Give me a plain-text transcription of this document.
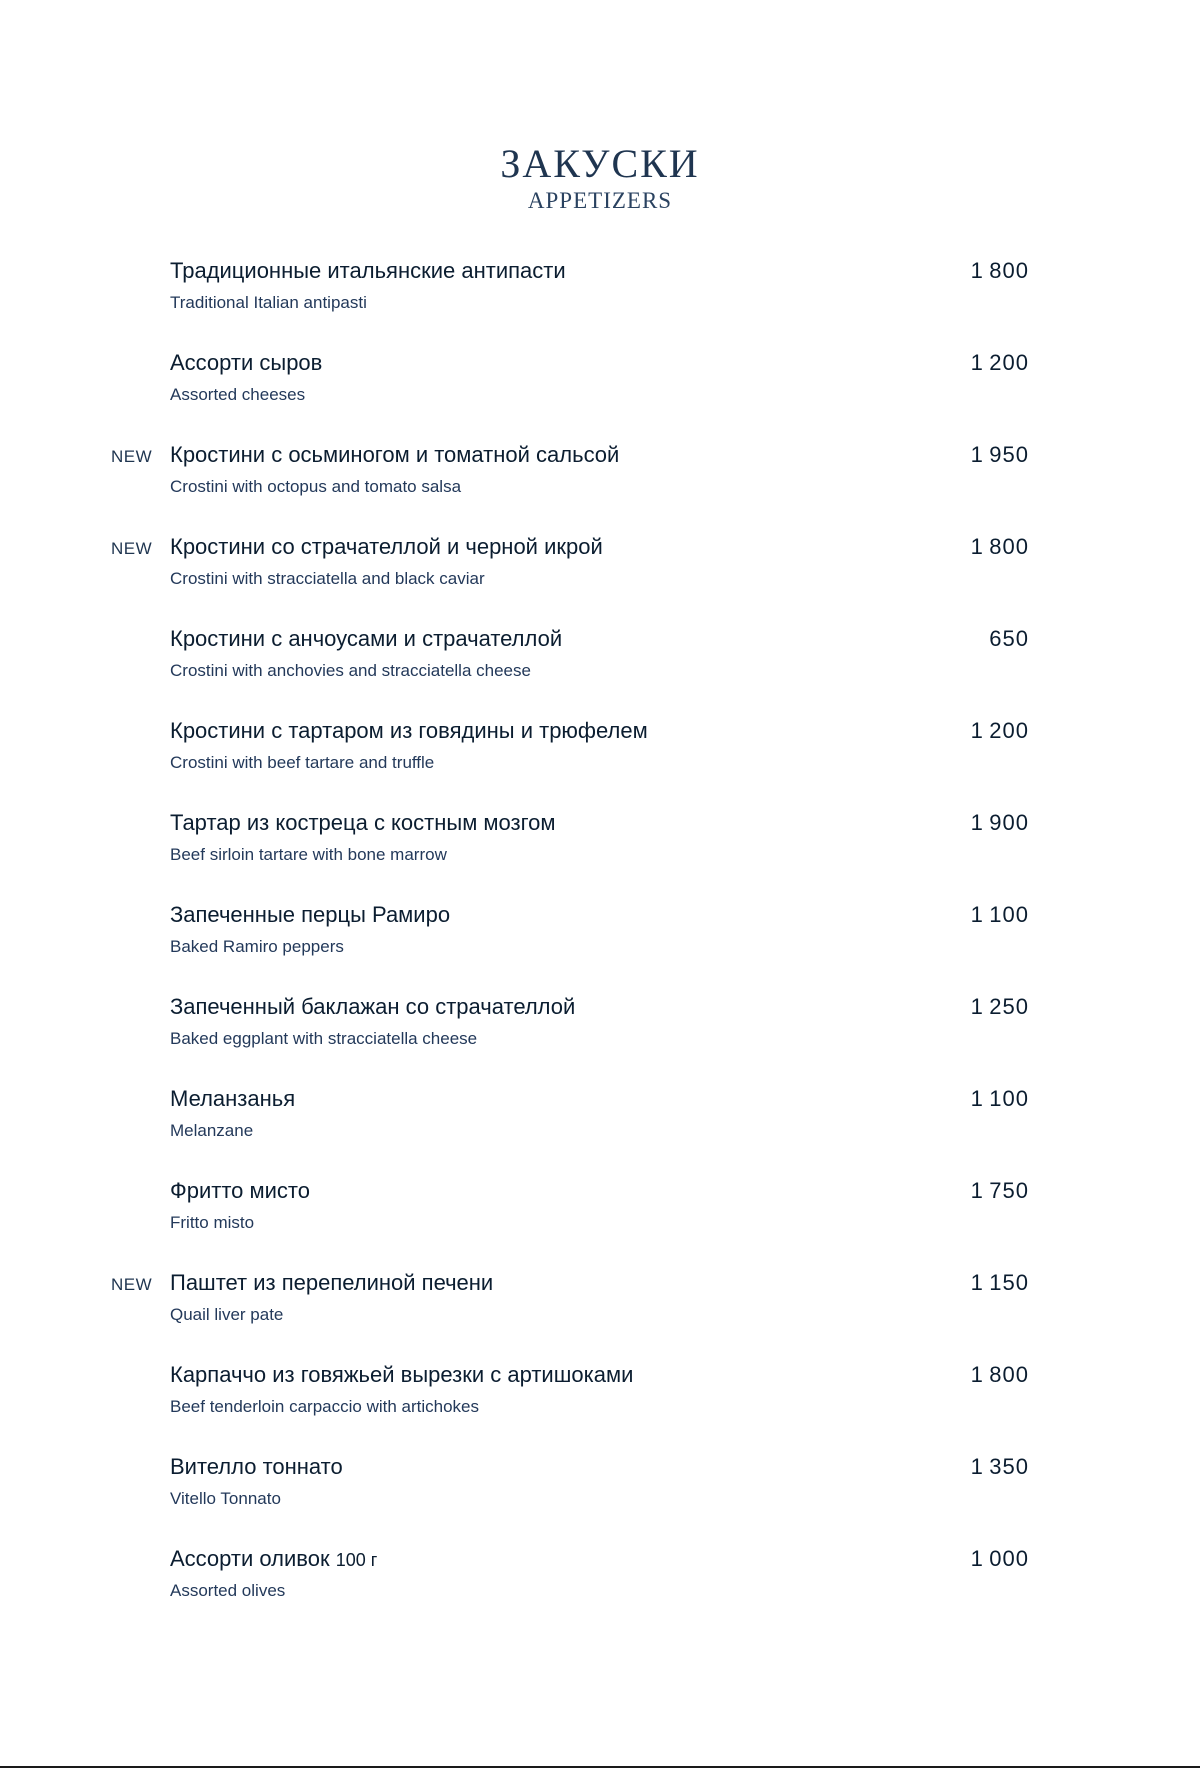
ЗАКУСКИ
APPETIZERS
Традиционные итальянские антипасти
Traditional Italian antipasti
1 800
Ассорти сыров
Assorted cheeses
1 200
NEW Кростини с осьминогом и томатной сальсой
Crostini with octopus and tomato salsa
1 950
NEW Кростини со страчателлой и черной икрой
Crostini with stracciatella and black caviar
1 800
Кростини с анчоусами и страчателлой
Crostini with anchovies and stracciatella cheese
650
Кростини с тартаром из говядины и трюфелем
Crostini with beef tartare and truffle
1 200
Тартар из костреца с костным мозгом
Beef sirloin tartare with bone marrow
1 900
Запеченные перцы Рамиро
Baked Ramiro peppers
1 100
Запеченный баклажан со страчателлой
Baked eggplant with stracciatella cheese
1 250
Меланзанья
Melanzane
1 100
Фритто мисто
Fritto misto
1 750
NEW Паштет из перепелиной печени
Quail liver pate
1 150
Карпаччо из говяжьей вырезки с артишоками
Beef tenderloin carpaccio with artichokes
1 800
Вителло тоннато
Vitello Tonnato
1 350
Ассорти оливок 100 г
Assorted olives
1 000
